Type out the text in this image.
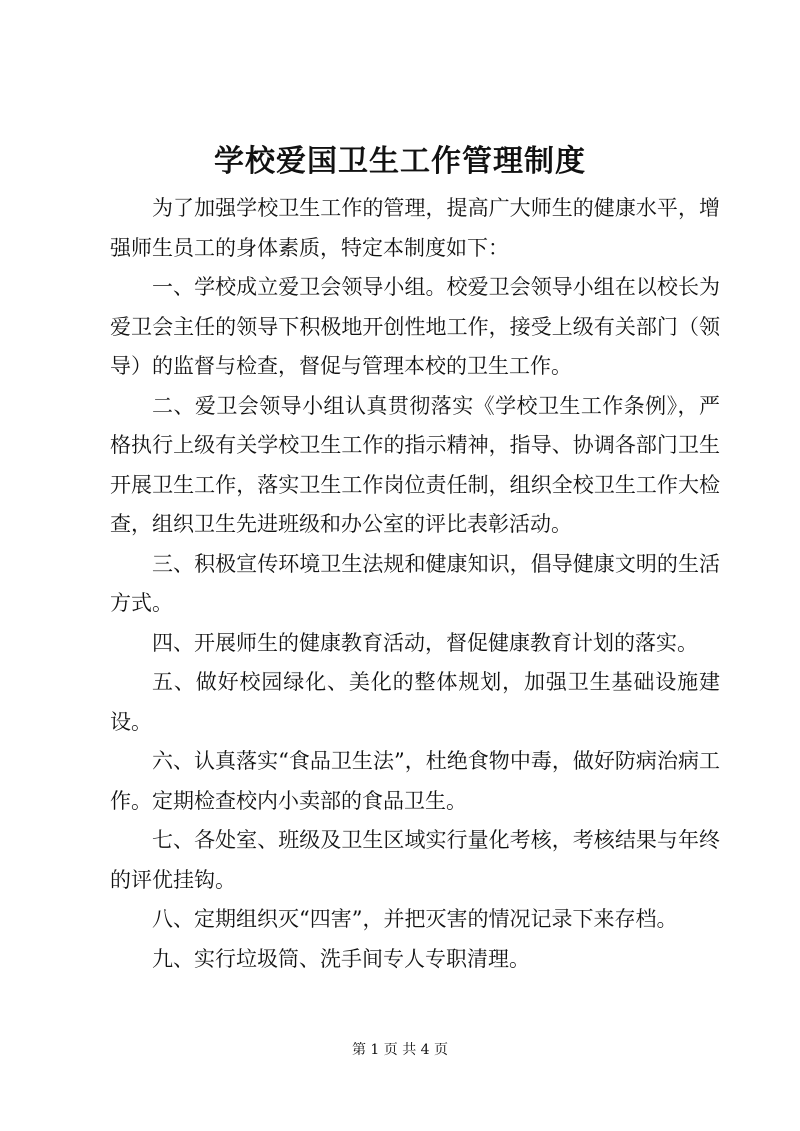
学校爱国卫生工作管理制度

为了加强学校卫生工作的管理，提高广大师生的健康水平，增强师生员工的身体素质，特定本制度如下：

一、学校成立爱卫会领导小组。校爱卫会领导小组在以校长为爱卫会主任的领导下积极地开创性地工作，接受上级有关部门（领导）的监督与检查，督促与管理本校的卫生工作。

二、爱卫会领导小组认真贯彻落实《学校卫生工作条例》，严格执行上级有关学校卫生工作的指示精神，指导、协调各部门卫生开展卫生工作，落实卫生工作岗位责任制，组织全校卫生工作大检查，组织卫生先进班级和办公室的评比表彰活动。

三、积极宣传环境卫生法规和健康知识，倡导健康文明的生活方式。

四、开展师生的健康教育活动，督促健康教育计划的落实。

五、做好校园绿化、美化的整体规划，加强卫生基础设施建设。

六、认真落实“食品卫生法”，杜绝食物中毒，做好防病治病工作。定期检查校内小卖部的食品卫生。

七、各处室、班级及卫生区域实行量化考核，考核结果与年终的评优挂钩。

八、定期组织灭“四害”，并把灭害的情况记录下来存档。

九、实行垃圾筒、洗手间专人专职清理。

第 1 页 共 4 页
